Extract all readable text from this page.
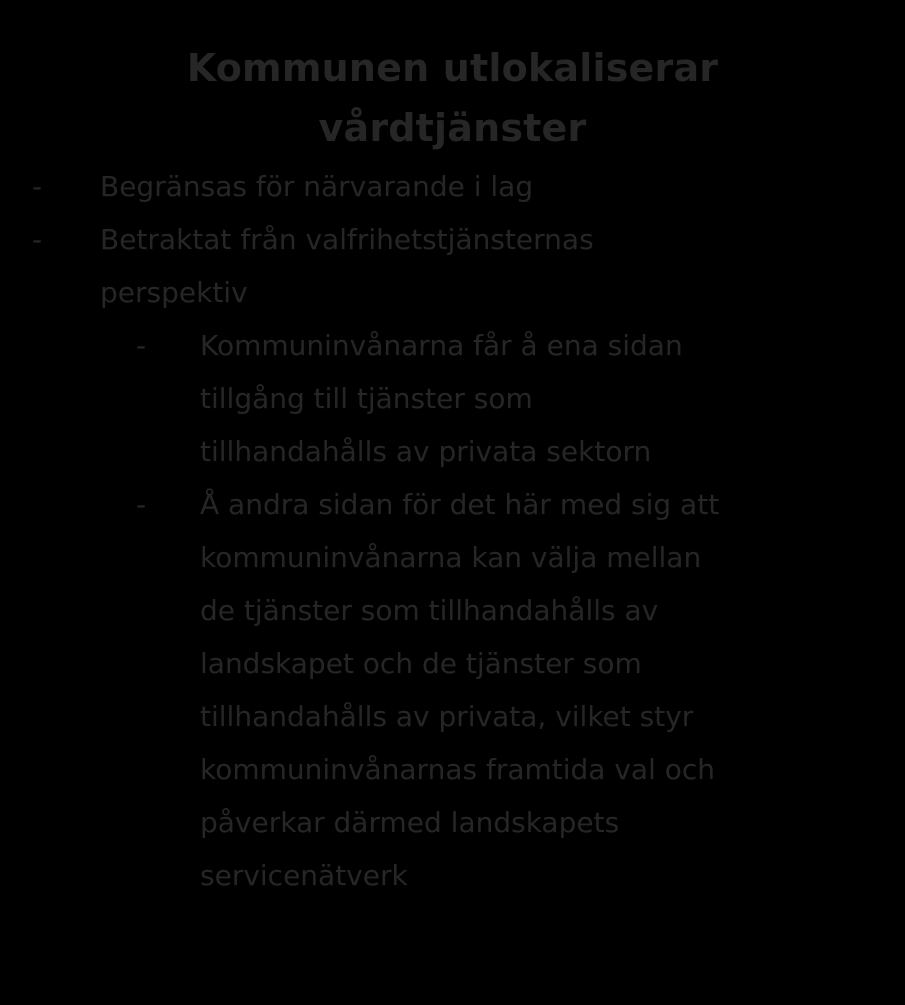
Kommunen utlokaliserar
vårdtjänster
- Begränsas för närvarande i lag
- Betraktat från valfrihetstjänsternas
perspektiv
- Kommuninvånarna får å ena sidan
tillgång till tjänster som
tillhandahålls av privata sektorn
- Å andra sidan för det här med sig att
kommuninvånarna kan välja mellan
de tjänster som tillhandahålls av
landskapet och de tjänster som
tillhandahålls av privata, vilket styr
kommuninvånarnas framtida val och
påverkar därmed landskapets
servicenätverk
